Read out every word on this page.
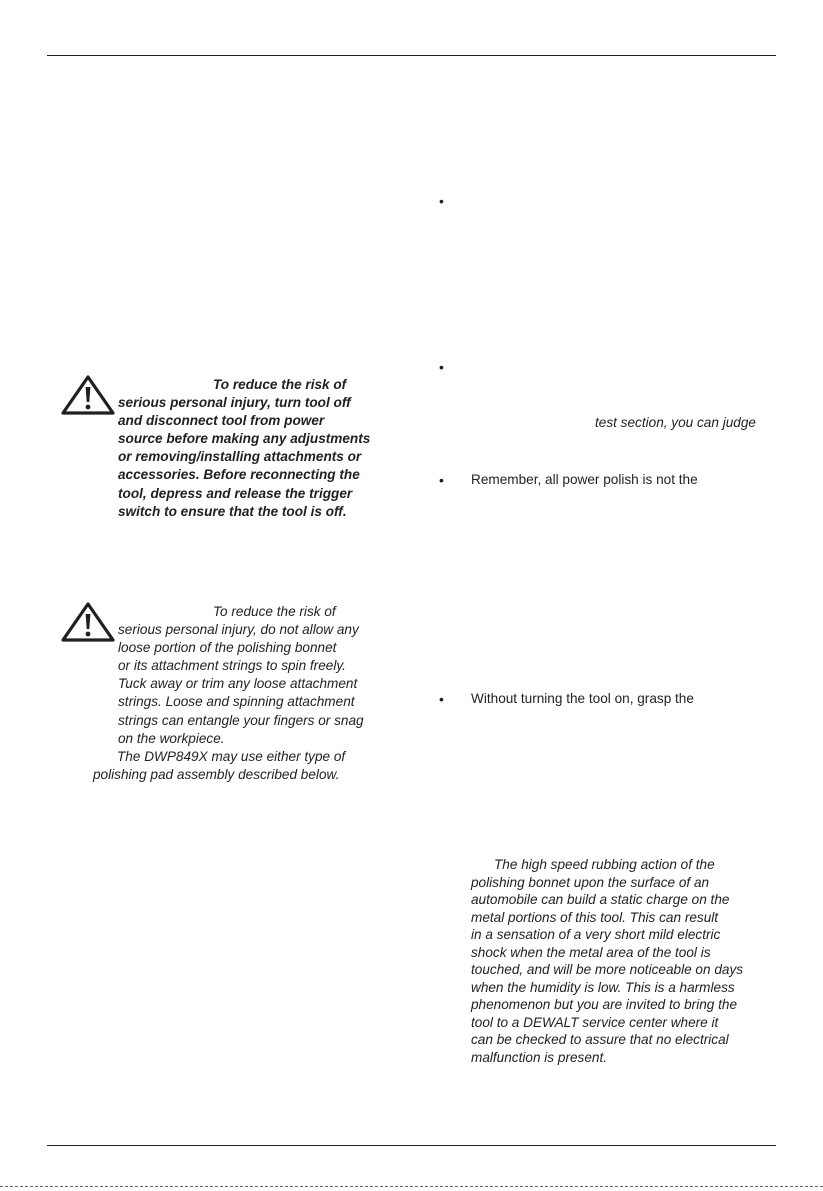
To reduce the risk of
serious personal injury, turn tool off
and disconnect tool from power
source before making any adjustments
or removing/installing attachments or
accessories. Before reconnecting the
tool, depress and release the trigger
switch to ensure that the tool is off.
To reduce the risk of
serious personal injury, do not allow any
loose portion of the polishing bonnet
or its attachment strings to spin freely.
Tuck away or trim any loose attachment
strings. Loose and spinning attachment
strings can entangle your fingers or snag
on the workpiece.
The DWP849X may use either type of
polishing pad assembly described below.
•
•
test section, you can judge
• Remember, all power polish is not the
• Without turning the tool on, grasp the
The high speed rubbing action of the
polishing bonnet upon the surface of an
automobile can build a static charge on the
metal portions of this tool. This can result
in a sensation of a very short mild electric
shock when the metal area of the tool is
touched, and will be more noticeable on days
when the humidity is low. This is a harmless
phenomenon but you are invited to bring the
tool to a DEWALT service center where it
can be checked to assure that no electrical
malfunction is present.
